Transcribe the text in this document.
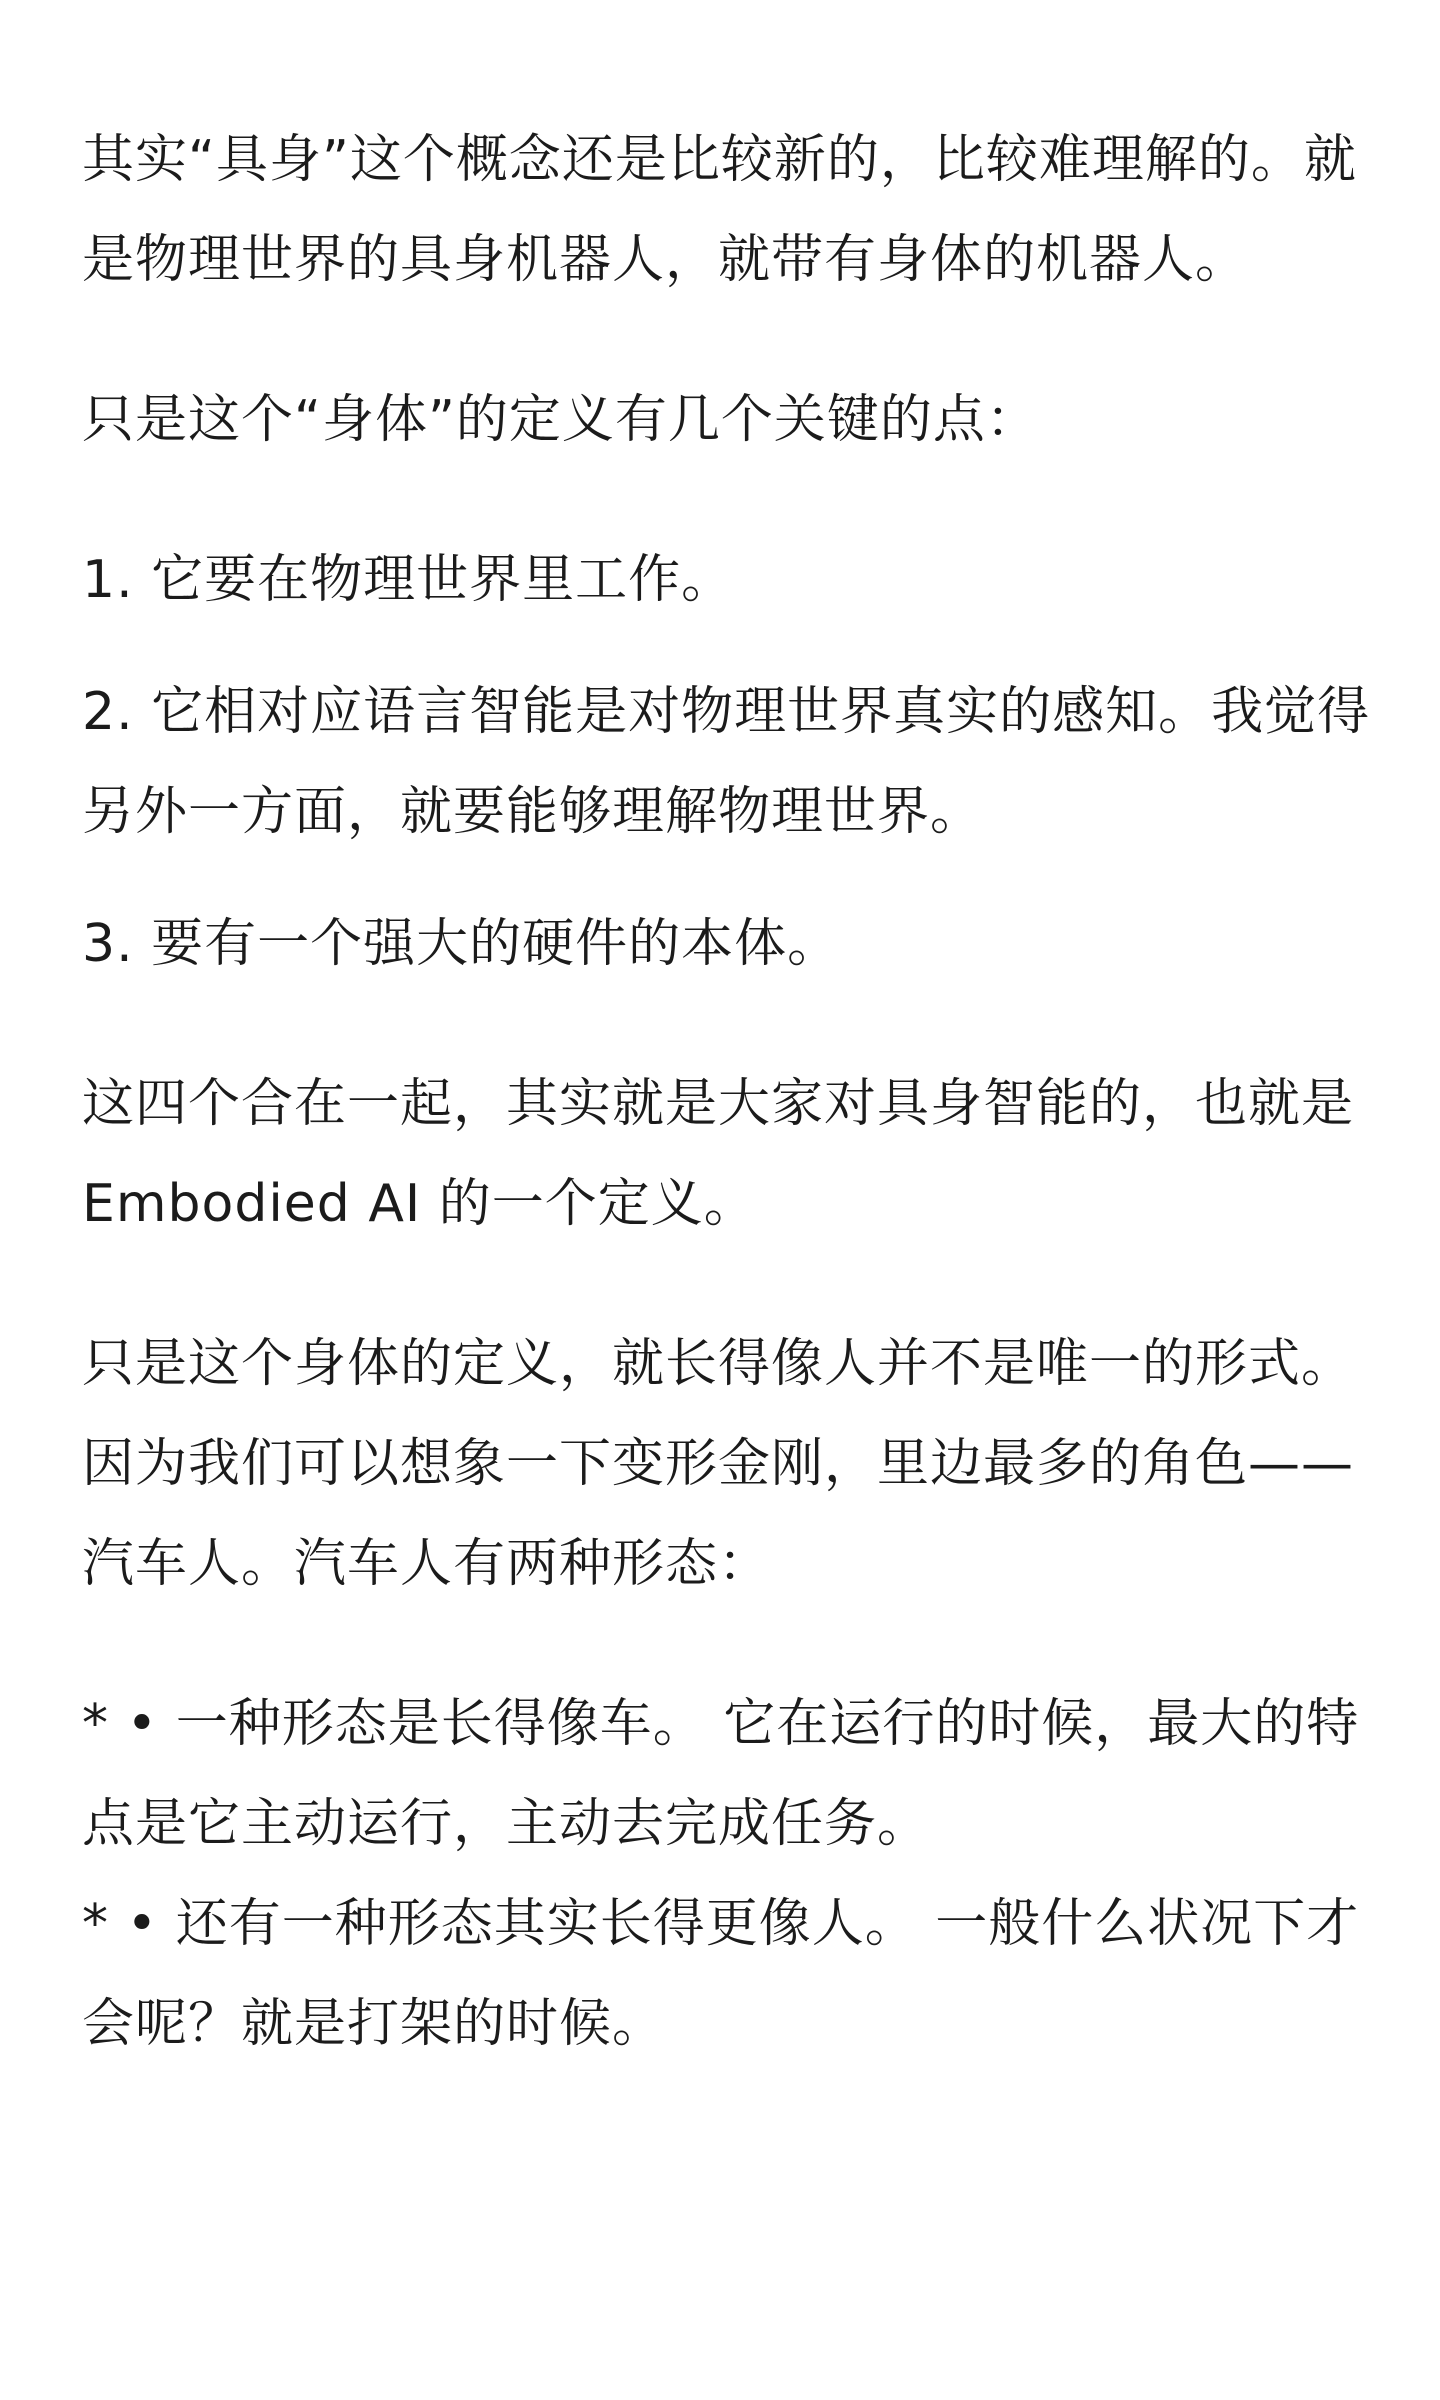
其实“具身”这个概念还是比较新的，比较难理解的。就是物理世界的具身机器人，就带有身体的机器人。

只是这个“身体”的定义有几个关键的点：

1. 它要在物理世界里工作。

2. 它相对应语言智能是对物理世界真实的感知。我觉得另外一方面，就要能够理解物理世界。

3. 要有一个强大的硬件的本体。

这四个合在一起，其实就是大家对具身智能的，也就是 Embodied AI 的一个定义。

只是这个身体的定义，就长得像人并不是唯一的形式。因为我们可以想象一下变形金刚，里边最多的角色——汽车人。汽车人有两种形态：

* • 一种形态是长得像车。 它在运行的时候，最大的特点是它主动运行，主动去完成任务。

* • 还有一种形态其实长得更像人。 一般什么状况下才会呢？就是打架的时候。
